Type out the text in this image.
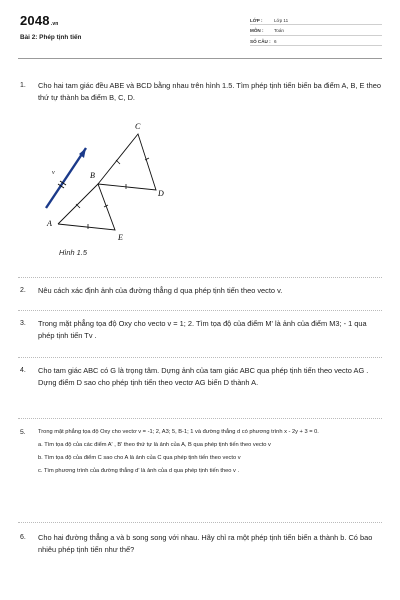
2048.vn
Bài 2: Phép tịnh tiến
LỚP :	Lớp 11
MÔN :	Toán
SỐ CÂU : 6
1.	Cho hai tam giác đều ABE và BCD bằng nhau trên hình 1.5. Tìm phép tịnh tiến biến ba điểm A, B, E theo thứ tự thành ba điểm B, C, D.
A
B
C
D
E
v
Hình 1.5
2.	Nêu cách xác định ảnh của đường thẳng d qua phép tịnh tiến theo vecto v.
3.	Trong mặt phẳng tọa độ Oxy cho vecto v = 1; 2. Tìm tọa độ của điểm M' là ảnh của điểm M3; - 1 qua phép tịnh tiến Tv .
4.	Cho tam giác ABC có G là trọng tâm. Dựng ảnh của tam giác ABC qua phép tịnh tiến theo vecto AG . Dựng điểm D sao cho phép tịnh tiến theo vectơ AG biến D thành A.
5.	Trong mặt phẳng tọa độ Oxy cho vectơ v = -1; 2, A3; 5, B-1; 1 và đường thẳng d có phương trình x - 2y + 3 = 0.
a. Tìm tọa độ của các điểm A' , B' theo thứ tự là ảnh của A, B qua phép tịnh tiến theo vecto v
b. Tìm tọa độ của điểm C sao cho A là ảnh của C qua phép tịnh tiến theo vecto v
c. Tìm phương trình của đường thẳng d' là ảnh của d qua phép tịnh tiến theo v .
6.	Cho hai đường thẳng a và b song song với nhau. Hãy chỉ ra một phép tịnh tiến biến a thành b. Có bao nhiêu phép tịnh tiến như thế?
